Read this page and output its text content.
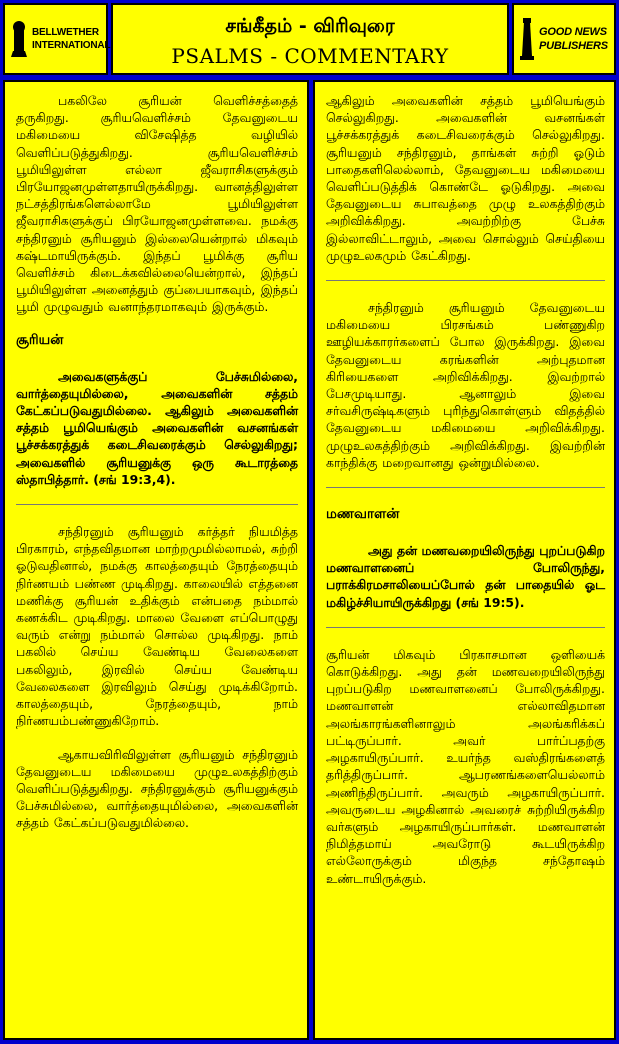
BELLWETHER
INTERNATIONAL
சங்கீதம் - விரிவுரை
PSALMS - COMMENTARY
GOOD NEWS
PUBLISHERS

பகலிலே சூரியன் வெளிச்சத்தைத் தருகிறது. சூரியவெளிச்சம் தேவனுடைய மகிமையை விசேஷித்த வழியில் வெளிப்படுத்துகிறது. சூரியவெளிச்சம் பூமியிலுள்ள எல்லா ஜீவராசிகளுக்கும் பிரயோஜனமுள்ளதாயிருக்கிறது. வானத்திலுள்ள நட்சத்திரங்களெல்லாமே பூமியிலுள்ள ஜீவராசிகளுக்குப் பிரயோஜனமுள்ளவை. நமக்கு சந்திரனும் சூரியனும் இல்லையென்றால் மிகவும் கஷ்டமாயிருக்கும். இந்தப் பூமிக்கு சூரிய வெளிச்சம் கிடைக்கவில்லையென்றால், இந்தப் பூமியிலுள்ள அனைத்தும் குப்பையாகவும், இந்தப் பூமி முழுவதும் வனாந்தரமாகவும் இருக்கும்.

சூரியன்

அவைகளுக்குப் பேச்சுமில்லை, வார்த்தையுமில்லை, அவைகளின் சத்தம் கேட்கப்படுவதுமில்லை. ஆகிலும் அவைகளின் சத்தம் பூமியெங்கும் அவைகளின் வசனங்கள் பூச்சக்கரத்துக் கடைசிவரைக்கும் செல்லுகிறது; அவைகளில் சூரியனுக்கு ஒரு கூடாரத்தை ஸ்தாபித்தார். (சங் 19:3,4).

சந்திரனும் சூரியனும் கர்த்தர் நியமித்த பிரகாரம், எந்தவிதமான மாற்றமுமில்லாமல், சுற்றி ஓடுவதினால், நமக்கு காலத்தையும் நேரத்தையும் நிர்ணயம் பண்ண முடிகிறது. காலையில் எத்தனை மணிக்கு சூரியன் உதிக்கும் என்பதை நம்மால் கணக்கிட முடிகிறது. மாலை வேளை எப்பொழுது வரும் என்று நம்மால் சொல்ல முடிகிறது. நாம் பகலில் செய்ய வேண்டிய வேலைகளை பகலிலும், இரவில் செய்ய வேண்டிய வேலைகளை இரவிலும் செய்து முடிக்கிறோம். காலத்தையும், நேரத்தையும், நாம் நிர்ணயம்பண்ணுகிறோம்.

ஆகாயவிரிவிலுள்ள சூரியனும் சந்திரனும் தேவனுடைய மகிமையை முழுஉலகத்திற்கும் வெளிப்படுத்துகிறது. சந்திரனுக்கும் சூரியனுக்கும் பேச்சுமில்லை, வார்த்தையுமில்லை, அவைகளின் சத்தம் கேட்கப்படுவதுமில்லை.

ஆகிலும் அவைகளின் சத்தம் பூமியெங்கும் செல்லுகிறது. அவைகளின் வசனங்கள் பூச்சக்கரத்துக் கடைசிவரைக்கும் செல்லுகிறது. சூரியனும் சந்திரனும், தாங்கள் சுற்றி ஓடும் பாதைகளிலெல்லாம், தேவனுடைய மகிமையை வெளிப்படுத்திக் கொண்டே ஓடுகிறது. அவை தேவனுடைய சுபாவத்தை முழு உலகத்திற்கும் அறிவிக்கிறது. அவற்றிற்கு பேச்சு இல்லாவிட்டாலும், அவை சொல்லும் செய்தியை முழுஉலகமும் கேட்கிறது.

சந்திரனும் சூரியனும் தேவனுடைய மகிமையை பிரசங்கம் பண்ணுகிற ஊழியக்காரர்களைப் போல இருக்கிறது. இவை தேவனுடைய கரங்களின் அற்புதமான கிரியைகளை அறிவிக்கிறது. இவற்றால் பேசமுடியாது. ஆனாலும் இவை சர்வசிருஷ்டிகளும் புரிந்துகொள்ளும் விதத்தில் தேவனுடைய மகிமையை அறிவிக்கிறது. முழுஉலகத்திற்கும் அறிவிக்கிறது. இவற்றின் காந்திக்கு மறைவானது ஒன்றுமில்லை.

மணவாளன்

அது தன் மணவறையிலிருந்து புறப்படுகிற மணவாளனைப் போலிருந்து, பராக்கிரமசாலியைப்போல் தன் பாதையில் ஓட மகிழ்ச்சியாயிருக்கிறது (சங் 19:5).

சூரியன் மிகவும் பிரகாசமான ஒளியைக் கொடுக்கிறது. அது தன் மணவறையிலிருந்து புறப்படுகிற மணவாளனைப் போலிருக்கிறது. மணவாளன் எல்லாவிதமான அலங்காரங்களினாலும் அலங்கரிக்கப் பட்டிருப்பார். அவர் பார்ப்பதற்கு அழகாயிருப்பார். உயர்ந்த வஸ்திரங்களைத் தரித்திருப்பார். ஆபரணங்களையெல்லாம் அணிந்திருப்பார். அவரும் அழகாயிருப்பார். அவருடைய அழகினால் அவரைச் சுற்றியிருக்கிற வர்களும் அழகாயிருப்பார்கள். மணவாளன் நிமித்தமாய் அவரோடு கூடயிருக்கிற எல்லோருக்கும் மிகுந்த சந்தோஷம் உண்டாயிருக்கும்.
